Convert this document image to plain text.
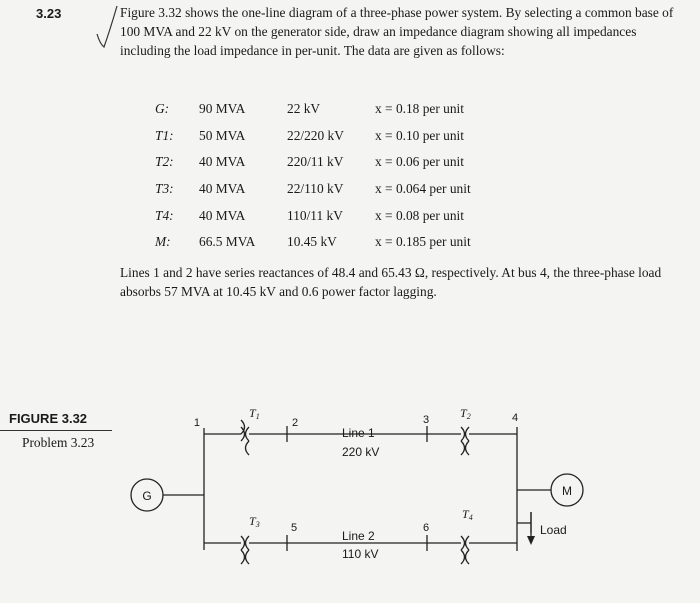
3.23	Figure 3.32 shows the one-line diagram of a three-phase power system. By selecting a common base of 100 MVA and 22 kV on the generator side, draw an impedance diagram showing all impedances including the load impedance in per-unit. The data are given as follows:
G:	90 MVA	22 kV	x = 0.18 per unit
T1:	50 MVA	22/220 kV	x = 0.10 per unit
T2:	40 MVA	220/11 kV	x = 0.06 per unit
T3:	40 MVA	22/110 kV	x = 0.064 per unit
T4:	40 MVA	110/11 kV	x = 0.08 per unit
M:	66.5 MVA	10.45 kV	x = 0.185 per unit
Lines 1 and 2 have series reactances of 48.4 and 65.43 Ω, respectively. At bus 4, the three-phase load absorbs 57 MVA at 10.45 kV and 0.6 power factor lagging.
FIGURE 3.32
Problem 3.23
G	M
Load
1	2	3	4
5	6
Line 1
220 kV
Line 2
110 kV
T1	T2
T3
T4
